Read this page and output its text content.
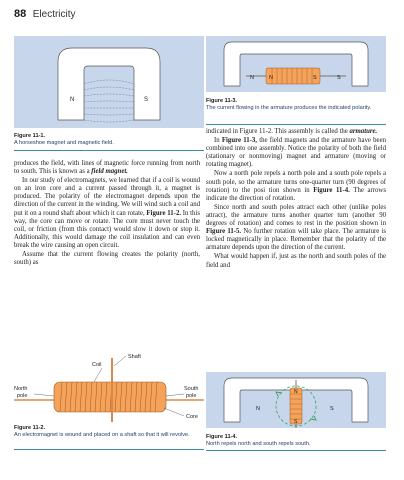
88 Electricity
N	S
Figure 11-1.
A horseshoe magnet and magnetic field.
N	N	S	S
Figure 11-3.
The current flowing in the armature produces the indicated polarity.

produces the field, with lines of magnetic force running from north to south. This is known as a field magnet.

In our study of electromagnets, we learned that if a coil is wound on an iron core and a current passed through it, a magnet is produced. The polarity of the electromagnet depends upon the direction of the current in the winding. We will wind such a coil and put it on a round shaft about which it can rotate, Figure 11-2. In this way, the core can move or rotate. The core must never touch the coil, or friction (from this contact) would slow it down or stop it. Additionally, this would damage the coil insulation and can even break the wire causing an open circuit.

Assume that the current flowing creates the polarity (north, south) as

indicated in Figure 11-2. This assembly is called the armature.

In Figure 11-3, the field magnets and the armature have been combined into one assembly. Notice the polarity of both the field (stationary or nonmoving) magnet and armature (moving or rotating magnet).

Now a north pole repels a north pole and a south pole repels a south pole, so the armature turns one-quarter turn (90 degrees of rotation) to the posi tion shown in Figure 11-4. The arrows indicate the direction of rotation.

Since north and south poles attract each other (unlike poles attract), the armature turns another quarter turn (another 90 degrees of rotation) and comes to rest in the position shown in Figure 11-5. No further rotation will take place. The armature is locked magnetically in place. Remember that the polarity of the armature depends upon the direction of the current.

What would happen if, just as the north and south poles of the field and

Shaft
Coil
North
pole
South
pole
Core
Figure 11-2.
An electromagnet is wound and placed on a shaft so that it will revolve.
N
N
S
S
Figure 11-4.
North repels north and south repels south.
